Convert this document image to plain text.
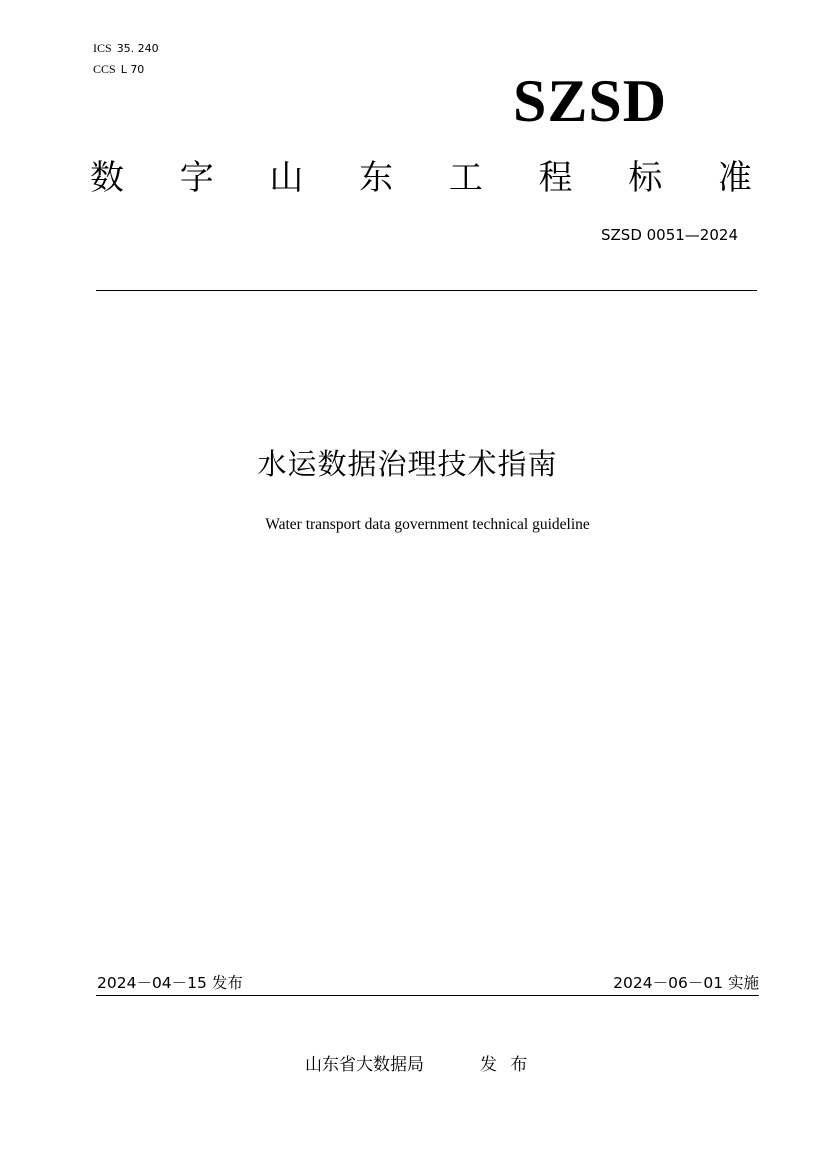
ICS 35. 240
CCS L 70	SZSD
数 字 山 东 工 程 标 准
SZSD 0051—2024
水运数据治理技术指南
Water transport data government technical guideline
2024－04－15 发布	2024－06－01 实施
山东省大数据局	发 布
